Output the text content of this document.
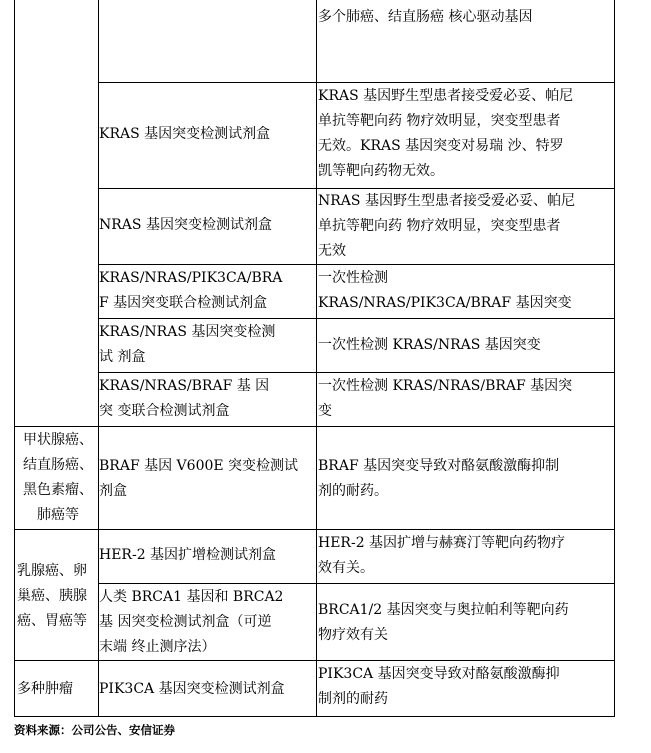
多个肺癌、结直肠癌 核心驱动基因
KRAS 基因突变检测试剂盒
KRAS 基因野生型患者接受爱必妥、帕尼
单抗等靶向药 物疗效明显，突变型患者
无效。KRAS 基因突变对易瑞 沙、特罗
凯等靶向药物无效。
NRAS 基因突变检测试剂盒
NRAS 基因野生型患者接受爱必妥、帕尼
单抗等靶向药 物疗效明显，突变型患者
无效
KRAS/NRAS/PIK3CA/BRA
F 基因突变联合检测试剂盒
一次性检测
KRAS/NRAS/PIK3CA/BRAF 基因突变
KRAS/NRAS 基因突变检测
试 剂盒
一次性检测 KRAS/NRAS 基因突变
KRAS/NRAS/BRAF 基 因
突 变联合检测试剂盒
一次性检测 KRAS/NRAS/BRAF 基因突
变
甲状腺癌、
结直肠癌、
黑色素瘤、
肺癌等
BRAF 基因 V600E 突变检测试
剂盒
BRAF 基因突变导致对酪氨酸激酶抑制
剂的耐药。
乳腺癌、卵
巢癌、胰腺
癌、胃癌等
HER-2 基因扩增检测试剂盒
HER-2 基因扩增与赫赛汀等靶向药物疗
效有关。
人类 BRCA1 基因和 BRCA2
基 因突变检测试剂盒（可逆
末端 终止测序法）
BRCA1/2 基因突变与奥拉帕利等靶向药
物疗效有关
多种肿瘤	PIK3CA 基因突变检测试剂盒
PIK3CA 基因突变导致对酪氨酸激酶抑
制剂的耐药
资料来源：公司公告、安信证券
